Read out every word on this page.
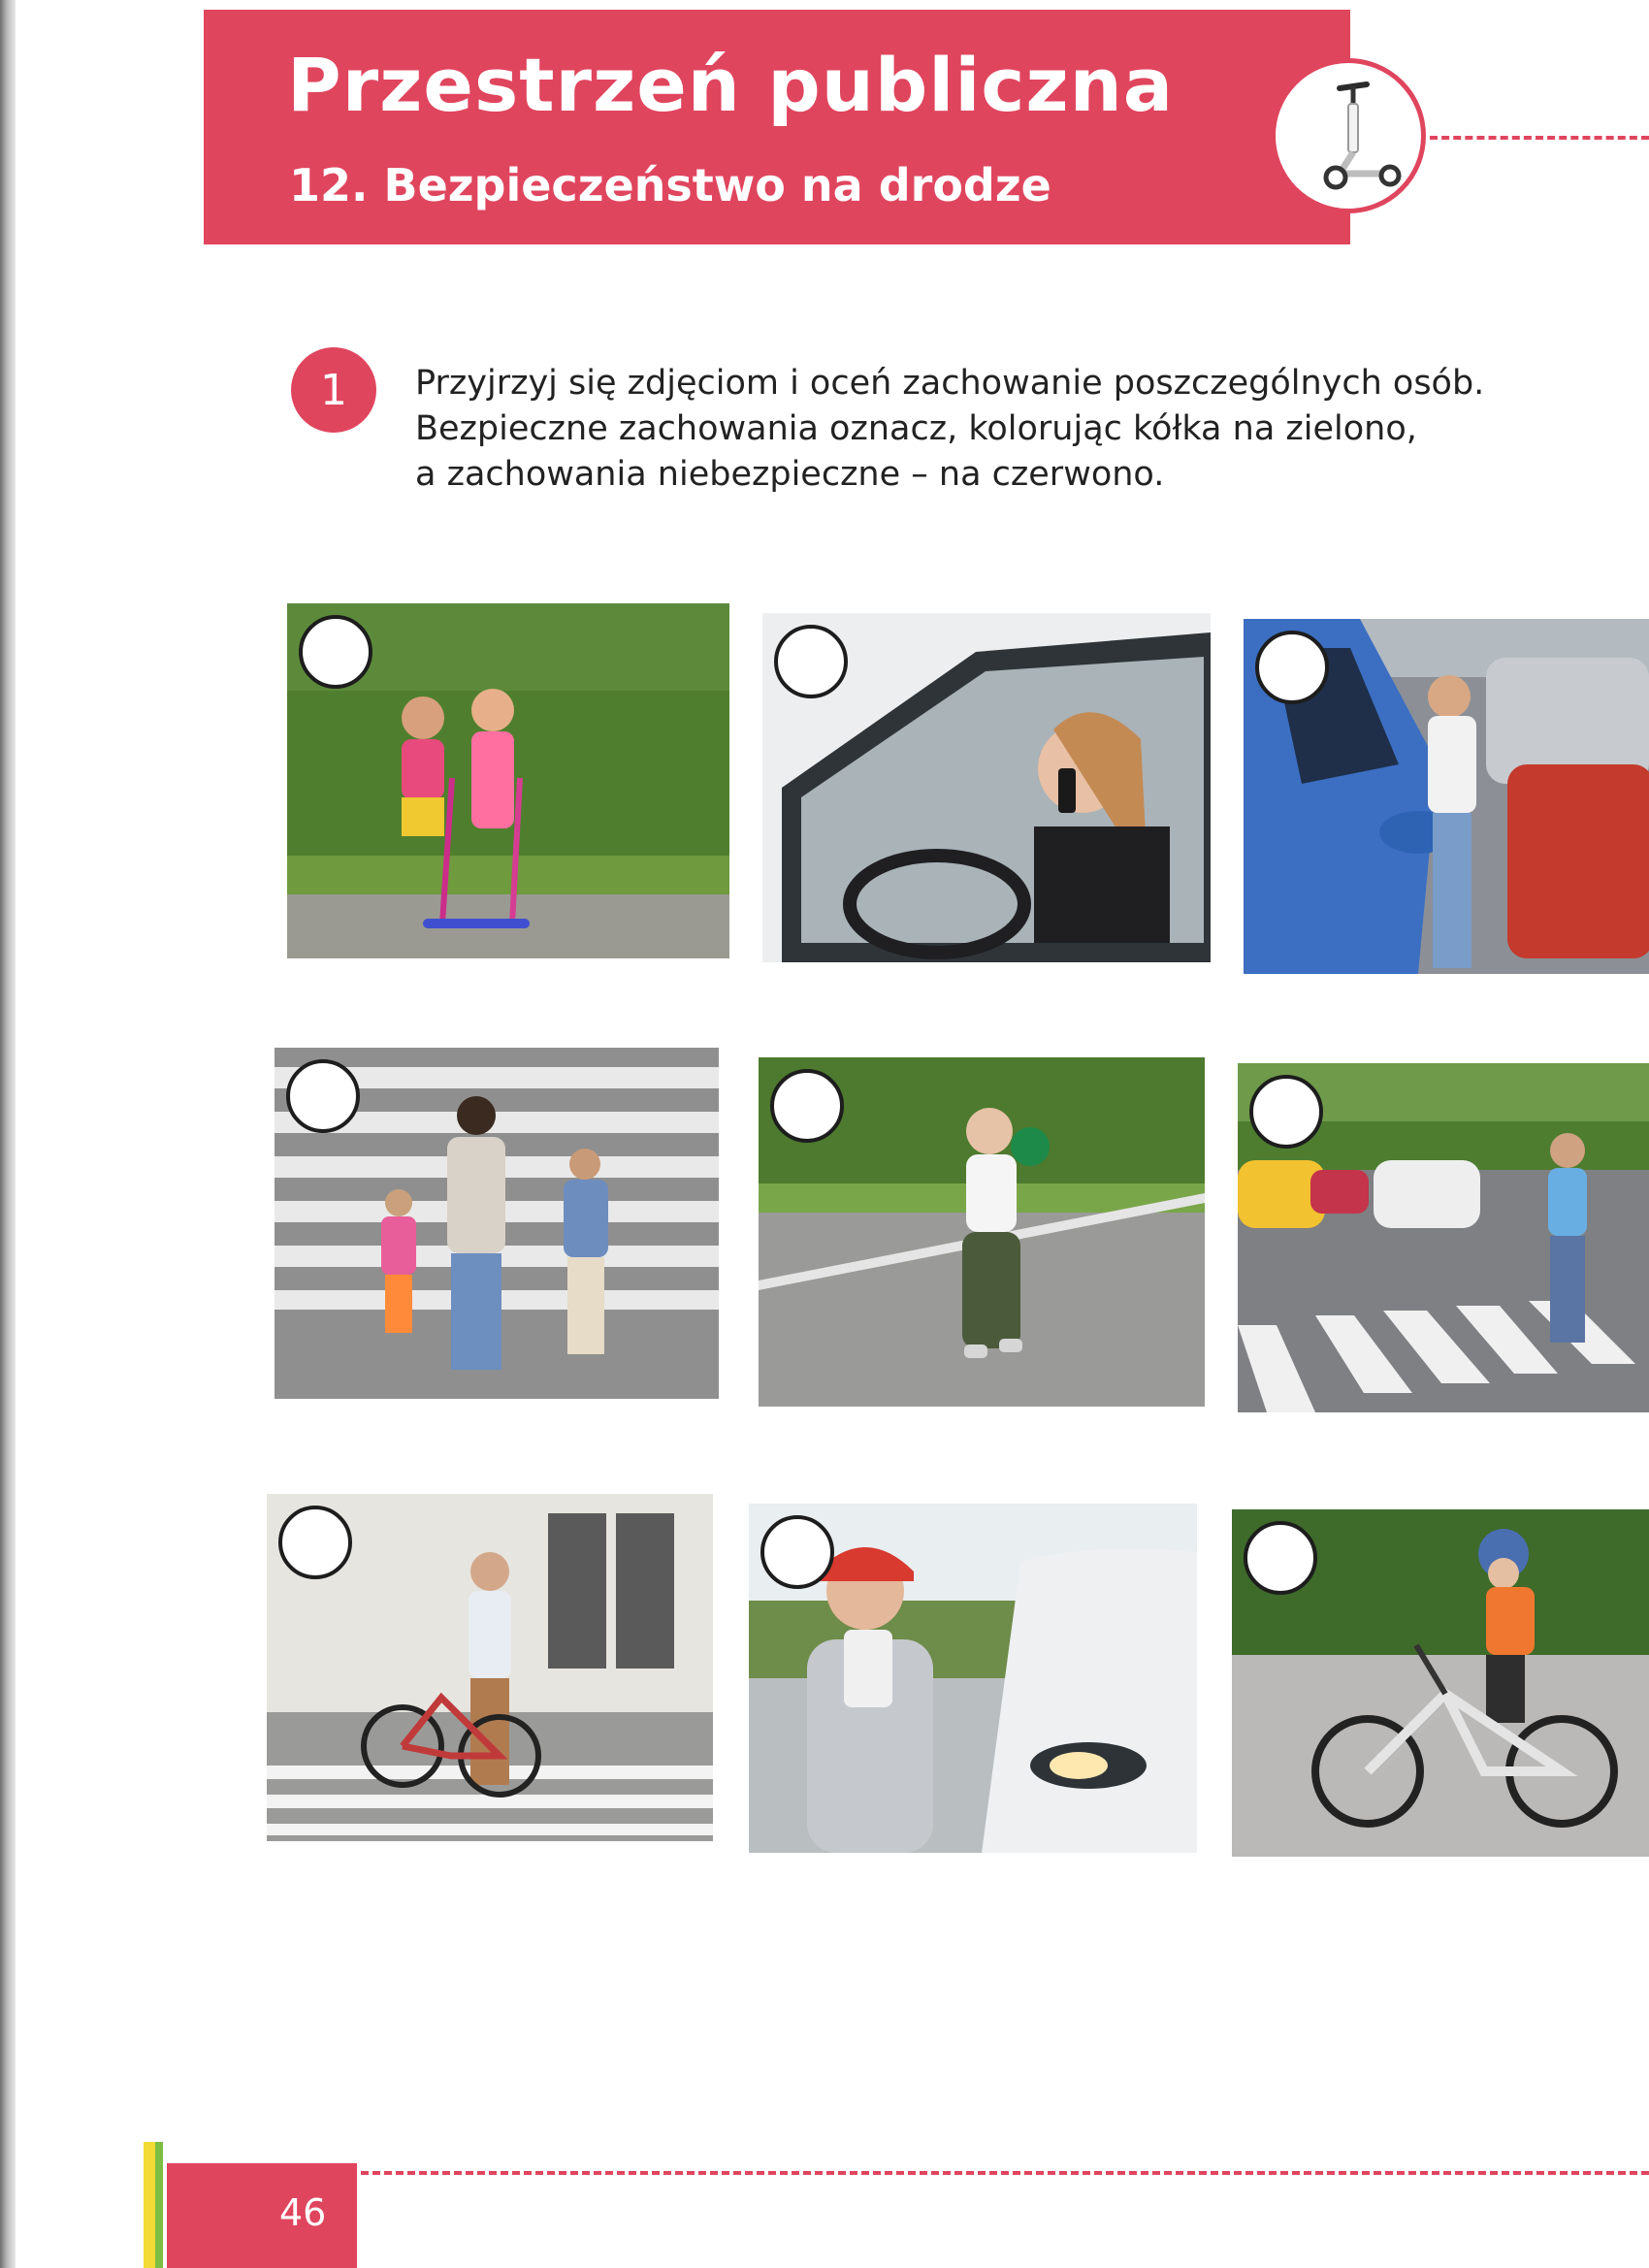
Przestrzeń publiczna
12. Bezpieczeństwo na drodze
1	Przyjrzyj się zdjęciom i oceń zachowanie poszczególnych osób.
Bezpieczne zachowania oznacz, kolorując kółka na zielono,
a zachowania niebezpieczne – na czerwono.
46
